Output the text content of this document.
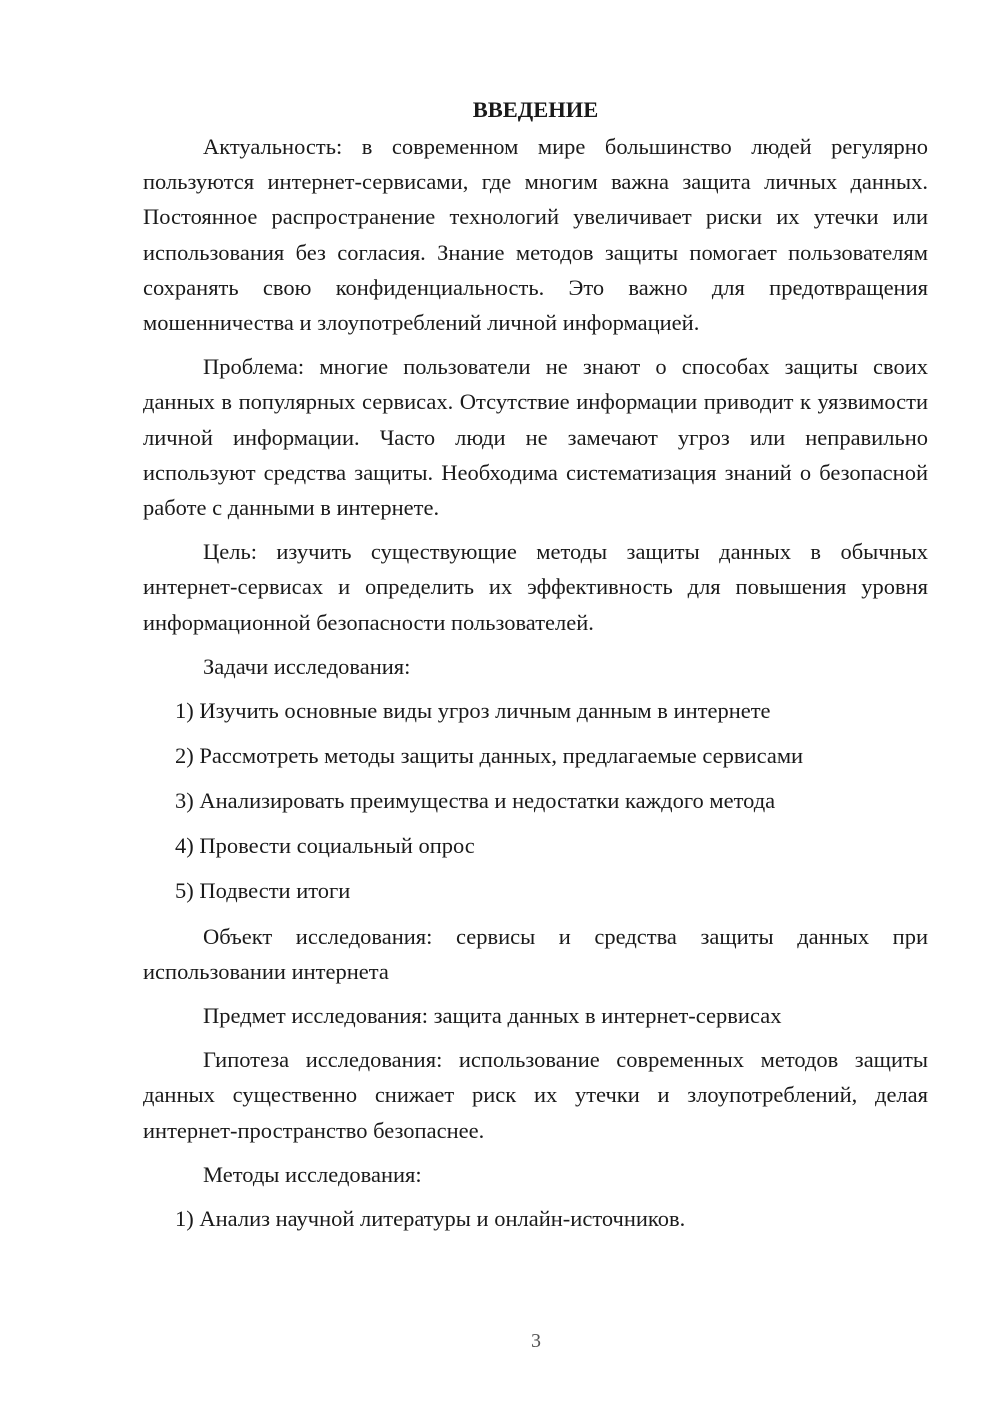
ВВЕДЕНИЕ

Актуальность: в современном мире большинство людей регулярно пользуются интернет-сервисами, где многим важна защита личных данных. Постоянное распространение технологий увеличивает риски их утечки или использования без согласия. Знание методов защиты помогает пользователям сохранять свою конфиденциальность. Это важно для предотвращения мошенничества и злоупотреблений личной информацией.

Проблема: многие пользователи не знают о способах защиты своих данных в популярных сервисах. Отсутствие информации приводит к уязвимости личной информации. Часто люди не замечают угроз или неправильно используют средства защиты. Необходима систематизация знаний о безопасной работе с данными в интернете.

Цель: изучить существующие методы защиты данных в обычных интернет-сервисах и определить их эффективность для повышения уровня информационной безопасности пользователей.

Задачи исследования:

1) Изучить основные виды угроз личным данным в интернете

2) Рассмотреть методы защиты данных, предлагаемые сервисами

3) Анализировать преимущества и недостатки каждого метода

4) Провести социальный опрос

5) Подвести итоги

Объект исследования: сервисы и средства защиты данных при использовании интернета

Предмет исследования: защита данных в интернет-сервисах

Гипотеза исследования: использование современных методов защиты данных существенно снижает риск их утечки и злоупотреблений, делая интернет-пространство безопаснее.

Методы исследования:

1) Анализ научной литературы и онлайн-источников.

3
